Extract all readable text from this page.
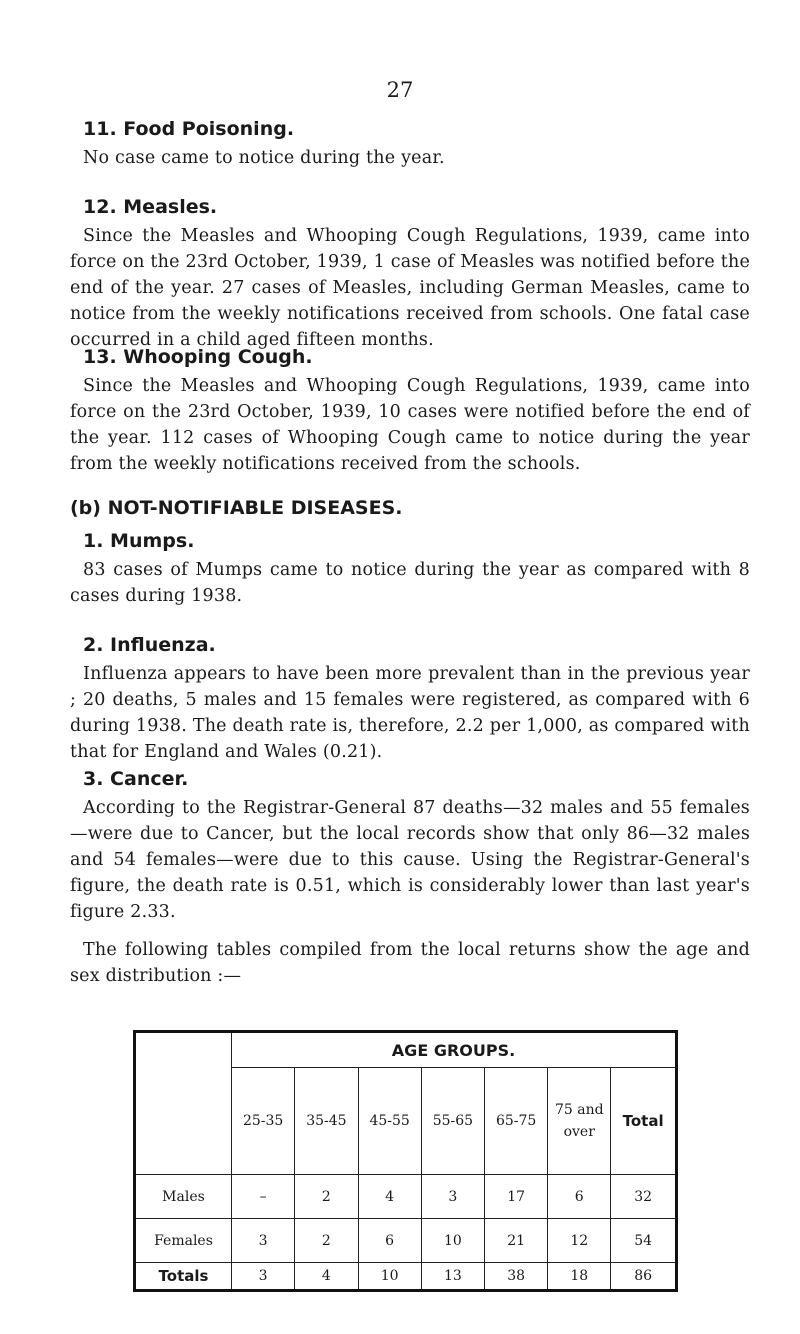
27
11. Food Poisoning.

No case came to notice during the year.

12. Measles.

Since the Measles and Whooping Cough Regulations, 1939, came into force on the 23rd October, 1939, 1 case of Measles was notified before the end of the year. 27 cases of Measles, including German Measles, came to notice from the weekly notifications received from schools. One fatal case occurred in a child aged fifteen months.

13. Whooping Cough.

Since the Measles and Whooping Cough Regulations, 1939, came into force on the 23rd October, 1939, 10 cases were notified before the end of the year. 112 cases of Whooping Cough came to notice during the year from the weekly notifications received from the schools.

(b) NOT-NOTIFIABLE DISEASES.
1. Mumps.

83 cases of Mumps came to notice during the year as compared with 8 cases during 1938.

2. Influenza.

Influenza appears to have been more prevalent than in the previous year ; 20 deaths, 5 males and 15 females were registered, as compared with 6 during 1938. The death rate is, therefore, 2.2 per 1,000, as compared with that for England and Wales (0.21).

3. Cancer.

According to the Registrar-General 87 deaths—32 males and 55 females—were due to Cancer, but the local records show that only 86—32 males and 54 females—were due to this cause. Using the Registrar-General's figure, the death rate is 0.51, which is considerably lower than last year's figure 2.33.

The following tables compiled from the local returns show the age and sex distribution :—

	AGE GROUPS.						
	25-35	35-45	45-55	55-65	65-75	75 and over	Total
Males	–	2	4	3	17	6	32
Females	3	2	6	10	21	12	54
Totals	3	4	10	13	38	18	86
